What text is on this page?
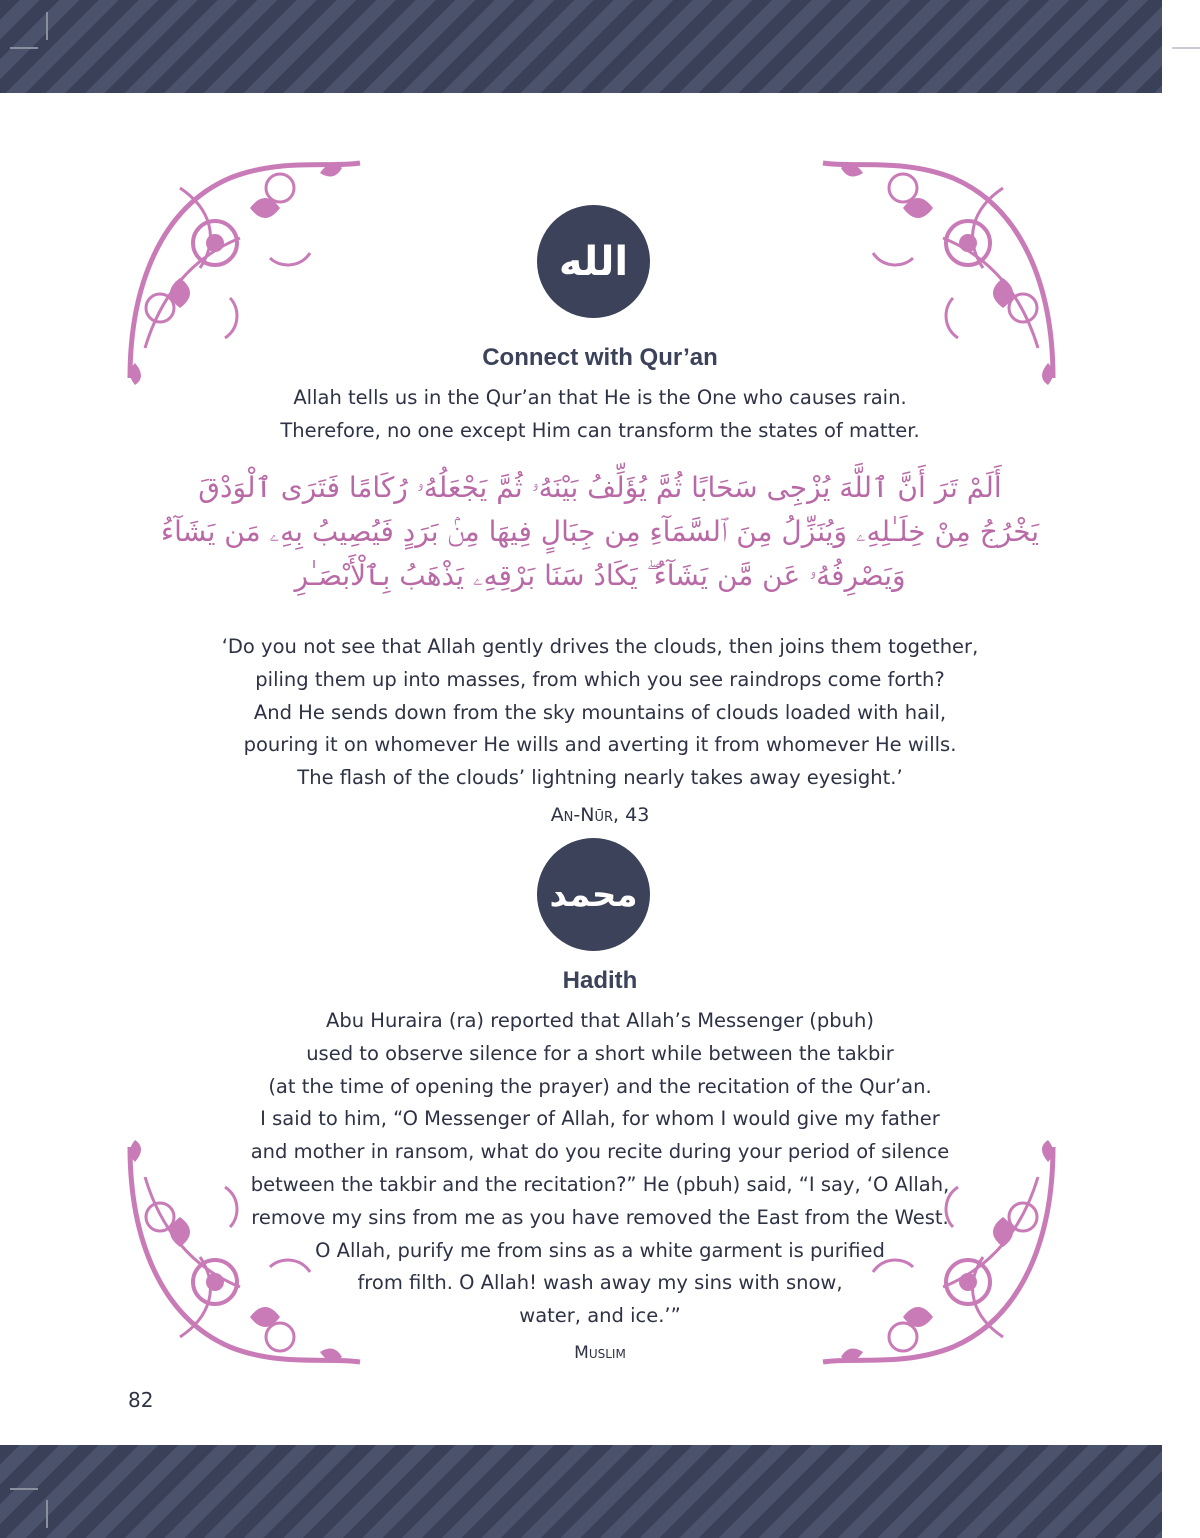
الله
Connect with Qur’an
Allah tells us in the Qur’an that He is the One who causes rain.
Therefore, no one except Him can transform the states of matter.
أَلَمْ تَرَ أَنَّ ٱللَّهَ يُزْجِى سَحَابًا ثُمَّ يُؤَلِّفُ بَيْنَهُۥ ثُمَّ يَجْعَلُهُۥ رُكَامًا فَتَرَى ٱلْوَدْقَ
يَخْرُجُ مِنْ خِلَـٰلِهِۦ وَيُنَزِّلُ مِنَ ٱلسَّمَآءِ مِن جِبَالٍ فِيهَا مِنۢ بَرَدٍ فَيُصِيبُ بِهِۦ مَن يَشَآءُ
وَيَصْرِفُهُۥ عَن مَّن يَشَآءُ ۖ يَكَادُ سَنَا بَرْقِهِۦ يَذْهَبُ بِٱلْأَبْصَـٰرِ
‘Do you not see that Allah gently drives the clouds, then joins them together,
piling them up into masses, from which you see raindrops come forth?
And He sends down from the sky mountains of clouds loaded with hail,
pouring it on whomever He wills and averting it from whomever He wills.
The flash of the clouds’ lightning nearly takes away eyesight.’
An-Nūr, 43
محمد
Hadith
Abu Huraira (ra) reported that Allah’s Messenger (pbuh)
used to observe silence for a short while between the takbir
(at the time of opening the prayer) and the recitation of the Qur’an.
I said to him, “O Messenger of Allah, for whom I would give my father
and mother in ransom, what do you recite during your period of silence
between the takbir and the recitation?” He (pbuh) said, “I say, ‘O Allah,
remove my sins from me as you have removed the East from the West.
O Allah, purify me from sins as a white garment is purified
from filth. O Allah! wash away my sins with snow,
water, and ice.’”
Muslim
82
